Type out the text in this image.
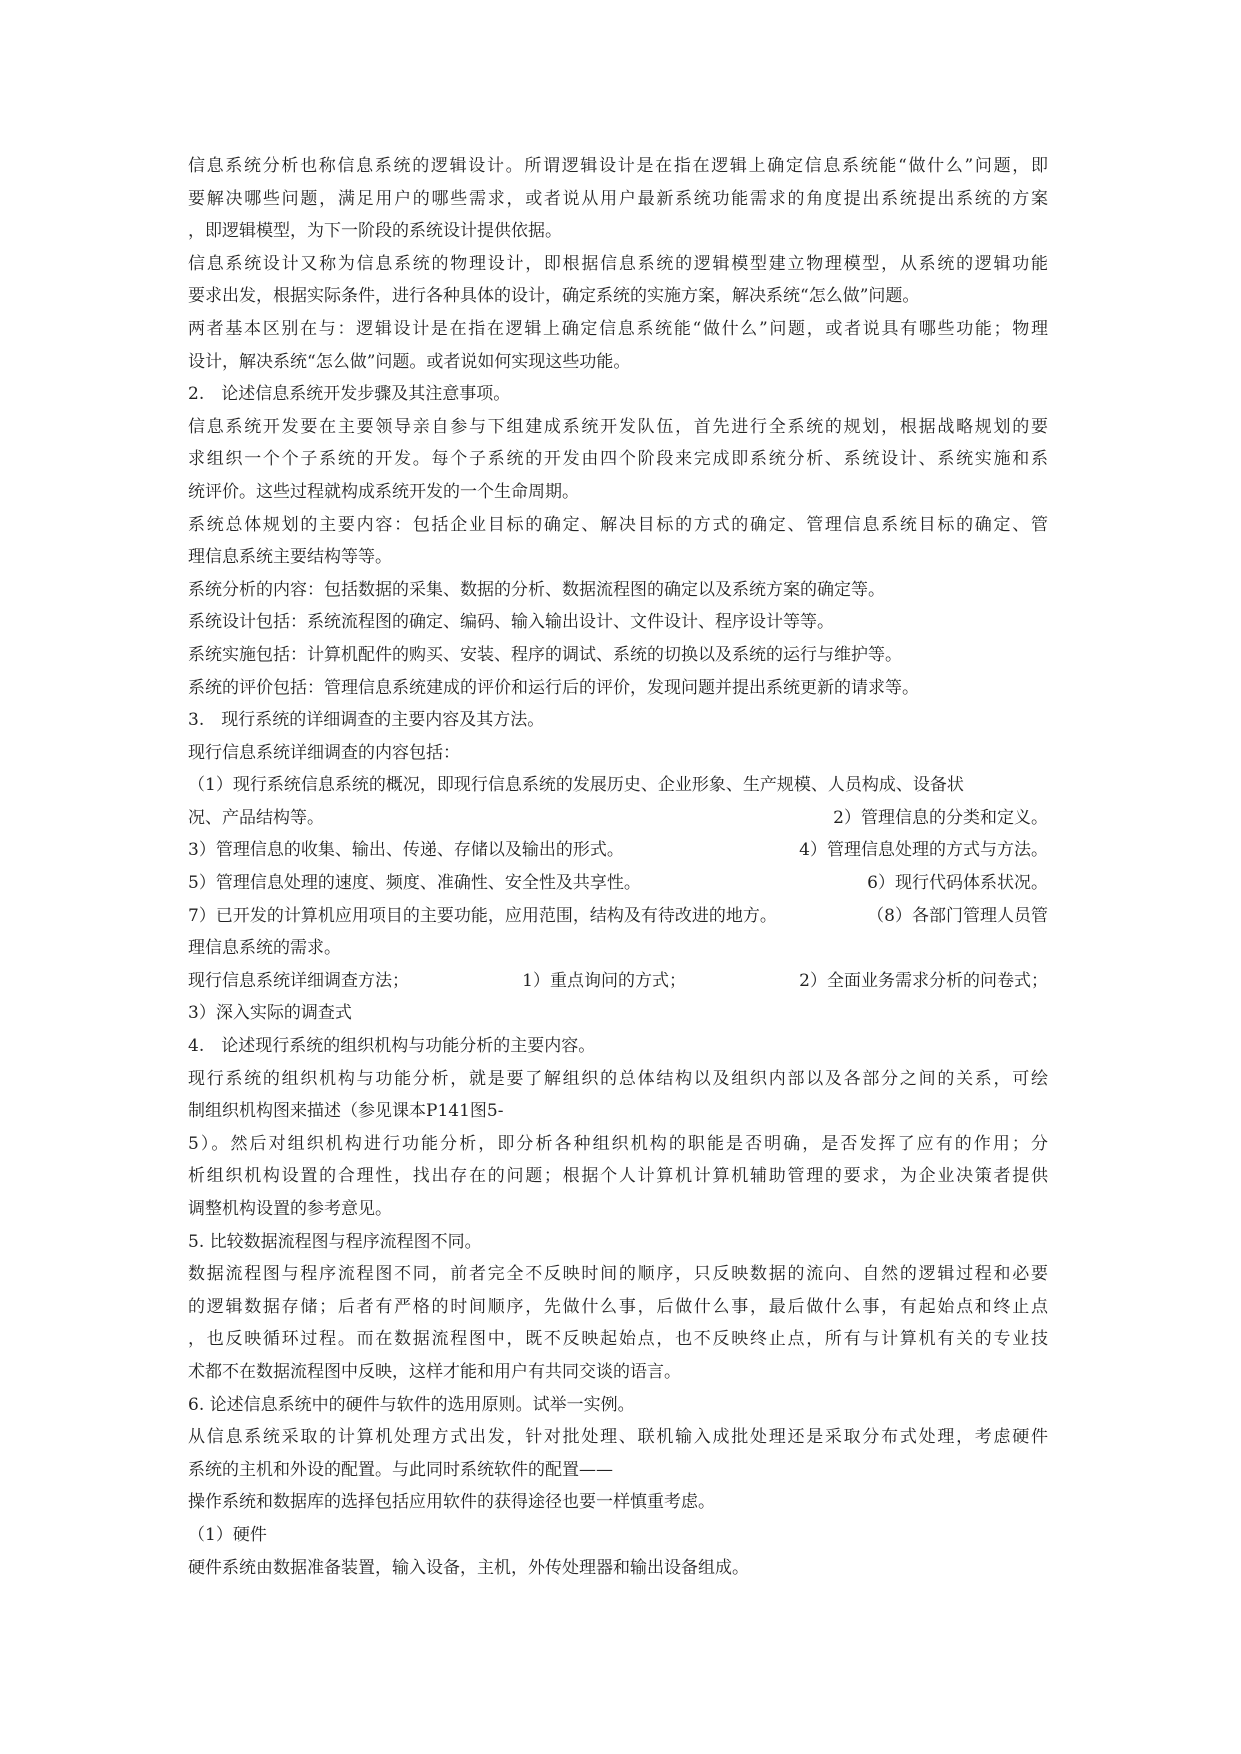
信息系统分析也称信息系统的逻辑设计。所谓逻辑设计是在指在逻辑上确定信息系统能“做什么”问题，即
要解决哪些问题，满足用户的哪些需求，或者说从用户最新系统功能需求的角度提出系统提出系统的方案
，即逻辑模型，为下一阶段的系统设计提供依据。
信息系统设计又称为信息系统的物理设计，即根据信息系统的逻辑模型建立物理模型，从系统的逻辑功能
要求出发，根据实际条件，进行各种具体的设计，确定系统的实施方案，解决系统“怎么做”问题。
两者基本区别在与：逻辑设计是在指在逻辑上确定信息系统能“做什么”问题，或者说具有哪些功能；物理
设计，解决系统“怎么做”问题。或者说如何实现这些功能。
2.　论述信息系统开发步骤及其注意事项。
信息系统开发要在主要领导亲自参与下组建成系统开发队伍，首先进行全系统的规划，根据战略规划的要
求组织一个个子系统的开发。每个子系统的开发由四个阶段来完成即系统分析、系统设计、系统实施和系
统评价。这些过程就构成系统开发的一个生命周期。
系统总体规划的主要内容：包括企业目标的确定、解决目标的方式的确定、管理信息系统目标的确定、管
理信息系统主要结构等等。
系统分析的内容：包括数据的采集、数据的分析、数据流程图的确定以及系统方案的确定等。
系统设计包括：系统流程图的确定、编码、输入输出设计、文件设计、程序设计等等。
系统实施包括：计算机配件的购买、安装、程序的调试、系统的切换以及系统的运行与维护等。
系统的评价包括：管理信息系统建成的评价和运行后的评价，发现问题并提出系统更新的请求等。
3.　现行系统的详细调查的主要内容及其方法。
现行信息系统详细调查的内容包括：
（1）现行系统信息系统的概况，即现行信息系统的发展历史、企业形象、生产规模、人员构成、设备状
况、产品结构等。	2）管理信息的分类和定义。
3）管理信息的收集、输出、传递、存储以及输出的形式。	4）管理信息处理的方式与方法。
5）管理信息处理的速度、频度、准确性、安全性及共享性。	6）现行代码体系状况。
7）已开发的计算机应用项目的主要功能，应用范围，结构及有待改进的地方。	（8）各部门管理人员管
理信息系统的需求。
现行信息系统详细调查方法；	1）重点询问的方式；	2）全面业务需求分析的问卷式；
3）深入实际的调查式
4.　论述现行系统的组织机构与功能分析的主要内容。
现行系统的组织机构与功能分析，就是要了解组织的总体结构以及组织内部以及各部分之间的关系，可绘
制组织机构图来描述（参见课本P141图5-
5）。然后对组织机构进行功能分析，即分析各种组织机构的职能是否明确，是否发挥了应有的作用；分
析组织机构设置的合理性，找出存在的问题；根据个人计算机计算机辅助管理的要求，为企业决策者提供
调整机构设置的参考意见。
5. 比较数据流程图与程序流程图不同。
数据流程图与程序流程图不同，前者完全不反映时间的顺序，只反映数据的流向、自然的逻辑过程和必要
的逻辑数据存储；后者有严格的时间顺序，先做什么事，后做什么事，最后做什么事，有起始点和终止点
，也反映循环过程。而在数据流程图中，既不反映起始点，也不反映终止点，所有与计算机有关的专业技
术都不在数据流程图中反映，这样才能和用户有共同交谈的语言。
6. 论述信息系统中的硬件与软件的选用原则。试举一实例。
从信息系统采取的计算机处理方式出发，针对批处理、联机输入成批处理还是采取分布式处理，考虑硬件
系统的主机和外设的配置。与此同时系统软件的配置——
操作系统和数据库的选择包括应用软件的获得途径也要一样慎重考虑。
（1）硬件
硬件系统由数据准备装置，输入设备，主机，外传处理器和输出设备组成。
